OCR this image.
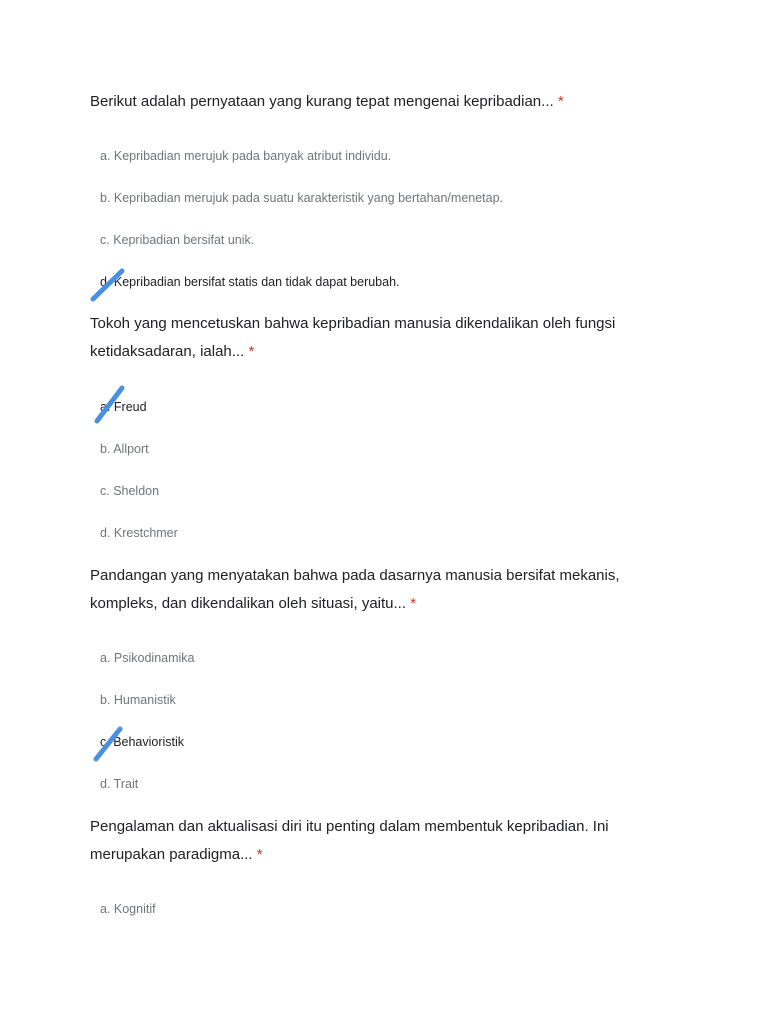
Berikut adalah pernyataan yang kurang tepat mengenai kepribadian... *
a. Kepribadian merujuk pada banyak atribut individu.
b. Kepribadian merujuk pada suatu karakteristik yang bertahan/menetap.
c. Kepribadian bersifat unik.
d. Kepribadian bersifat statis dan tidak dapat berubah.
Tokoh yang mencetuskan bahwa kepribadian manusia dikendalikan oleh fungsi ketidaksadaran, ialah... *
a. Freud
b. Allport
c. Sheldon
d. Krestchmer
Pandangan yang menyatakan bahwa pada dasarnya manusia bersifat mekanis, kompleks, dan dikendalikan oleh situasi, yaitu... *
a. Psikodinamika
b. Humanistik
c. Behavioristik
d. Trait
Pengalaman dan aktualisasi diri itu penting dalam membentuk kepribadian. Ini merupakan paradigma... *
a. Kognitif
